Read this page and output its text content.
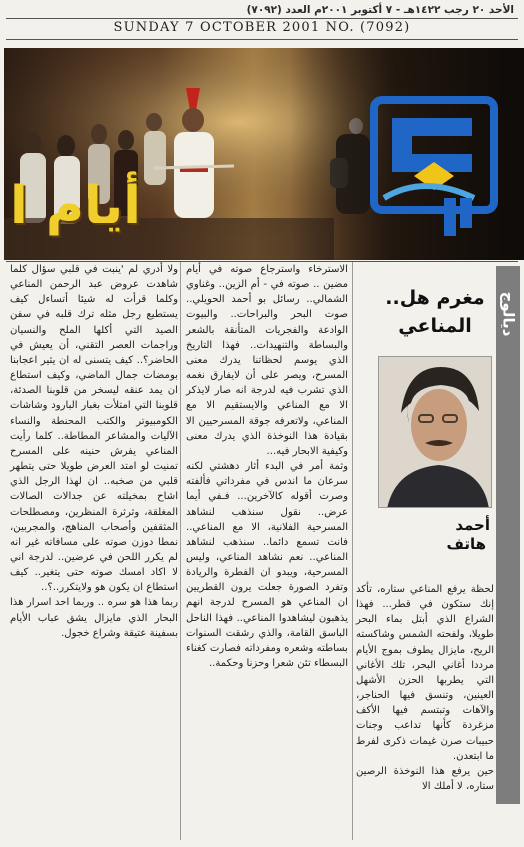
الأحد ٢٠ رجب ١٤٢٢هـ - ٧ أكتوبر ٢٠٠١م العدد (٧٠٩٢)
SUNDAY 7 OCTOBER 2001 NO. (7092)
أيام ا
ديالوج
مغرم هل..
المناعي
أحمد
هاتف

لحظة يرفع المناعي ستاره، تأكد إنك ستكون في قطر... فهذا الشراع الذي أبتل بماء البحر طويلا، ولفحته الشمس وشاكسته الريح، مايزال يطوف بموج الأيام مرددا أغاني البحر، تلك الأغاني التي يطربها الحزن الأشهل العينين، وتنسق فيها الحناجر، والآهات وتبتسم فيها الأكف مزغردة كأنها تداعب وجنات حبيبات صرن غيمات ذكرى لفرط ما ابتعدن.

حين يرفع هذا النوخذة الرصين ستاره، لا أملك الا

الاسترخاء واسترجاع صوته في أيام مضين .. صوته في - أم الزين.. وغناوي الشمالي.. رسائل بو أحمد الحويلي.. صوت البحر والبراحات.. والبيوت الوادعة والفجريات المتأنقة بالشعر والبساطة والتنهيدات.. فهذا التاريخ الذي يوسم لحظاتنا يدرك معنى المسرح، ويصر على أن لايفارق نغمه الذي تشرب فيه لدرجة انه صار لايذكر الا مع المناعي والايستقيم الا مع المناعي، ولاتعرفه جوقة المسرحيين الا بقيادة هذا النوخذة الذي يدرك معنى وكيفية الابحار فيه...

وثمة أمر في البدء أثار دهشتي لكنه سرعان ما اندس في مفرداتي فألفته وصرت أقوله كالآخرين... فـفي أيما عرض.. نقول سنذهب لنشاهد المسرحية الفلانية، الا مع المناعي.. فانت تسمع دائما.. سنذهب لنشاهد المناعي.. نعم نشاهد المناعي، وليس المسرحية، ويبدو ان الفطرة والريادة وتفرد الصورة جعلت يرون القطريين ان المناعي هو المسرح لدرجة انهم يذهبون ليشاهدوا المناعي.. فهذا الناحل الباسق القامة، والذي رشقت السنوات بساطته وشعره ومفرداته فصارت كغناء البسطاء تئن شعرا وحزنا وحكمة..

ولا أدري لم 'ينبت في قلبي سؤال كلما شاهدت عروض عبد الرحمن المناعي وكلما قرأت له شيئا أتساءل كيف يستطيع رجل مثله ترك قلبه في سفن الصيد التي أكلها الملح والنسيان وراجمات العصر التقني، أن يعيش في الحاضر؟.. كيف يتسنى له ان يثير اعجابنا بومضات جمال الماضي، وكيف استطاع ان يمد عنقه ليسخر من قلوبنا الصدئة، قلوبنا التي امتلأت بغبار البارود وشاشات الكومبيوتر والكتب المحنطة والنساء الآليات والمشاعر المطاطة.. كلما رأيت المناعي يفرش حنينه على المسرح تمنيت لو امتد العرض طويلا حتى يتطهر قلبي من صخبه.. ان لهذا الرجل الذي اشاح بمخيلته عن جدالات الصالات المغلقة، وثرثرة المنظرين، ومصطلحات المثقفين وأصحاب المناهج، والمجربين، نمطا دوزن صوته على مسافاته غير انه لم يكرر اللحن في عرضين.. لدرجة اني لا اكاد امسك صوته حتى يتغير.. كيف استطاع ان يكون هو ولايتكرر..؟..

ربما هذا هو سره .. وربما احد اسرار هذا البحار الذي مايزال يشق عباب الأيام بسفينة عتيقة وشراع خجول.
